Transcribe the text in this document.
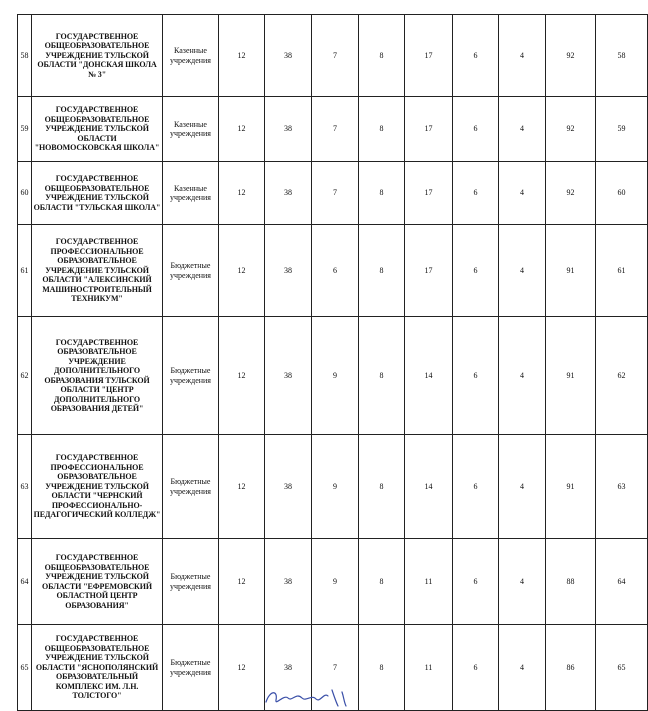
58	ГОСУДАРСТВЕННОЕ ОБЩЕОБРАЗОВАТЕЛЬНОЕ УЧРЕЖДЕНИЕ ТУЛЬСКОЙ ОБЛАСТИ "ДОНСКАЯ ШКОЛА № 3"	Казенные учреждения	12	38	7	8	17	6	4	92	58
59	ГОСУДАРСТВЕННОЕ ОБЩЕОБРАЗОВАТЕЛЬНОЕ УЧРЕЖДЕНИЕ ТУЛЬСКОЙ ОБЛАСТИ "НОВОМОСКОВСКАЯ ШКОЛА"	Казенные учреждения	12	38	7	8	17	6	4	92	59
60	ГОСУДАРСТВЕННОЕ ОБЩЕОБРАЗОВАТЕЛЬНОЕ УЧРЕЖДЕНИЕ ТУЛЬСКОЙ ОБЛАСТИ "ТУЛЬСКАЯ ШКОЛА"	Казенные учреждения	12	38	7	8	17	6	4	92	60
61	ГОСУДАРСТВЕННОЕ ПРОФЕССИОНАЛЬНОЕ ОБРАЗОВАТЕЛЬНОЕ УЧРЕЖДЕНИЕ ТУЛЬСКОЙ ОБЛАСТИ "АЛЕКСИНСКИЙ МАШИНОСТРОИТЕЛЬНЫЙ ТЕХНИКУМ"	Бюджетные учреждения	12	38	6	8	17	6	4	91	61
62	ГОСУДАРСТВЕННОЕ ОБРАЗОВАТЕЛЬНОЕ УЧРЕЖДЕНИЕ ДОПОЛНИТЕЛЬНОГО ОБРАЗОВАНИЯ ТУЛЬСКОЙ ОБЛАСТИ "ЦЕНТР ДОПОЛНИТЕЛЬНОГО ОБРАЗОВАНИЯ ДЕТЕЙ"	Бюджетные учреждения	12	38	9	8	14	6	4	91	62
63	ГОСУДАРСТВЕННОЕ ПРОФЕССИОНАЛЬНОЕ ОБРАЗОВАТЕЛЬНОЕ УЧРЕЖДЕНИЕ ТУЛЬСКОЙ ОБЛАСТИ "ЧЕРНСКИЙ ПРОФЕССИОНАЛЬНО-ПЕДАГОГИЧЕСКИЙ КОЛЛЕДЖ"	Бюджетные учреждения	12	38	9	8	14	6	4	91	63
64	ГОСУДАРСТВЕННОЕ ОБЩЕОБРАЗОВАТЕЛЬНОЕ УЧРЕЖДЕНИЕ ТУЛЬСКОЙ ОБЛАСТИ "ЕФРЕМОВСКИЙ ОБЛАСТНОЙ ЦЕНТР ОБРАЗОВАНИЯ"	Бюджетные учреждения	12	38	9	8	11	6	4	88	64
65	ГОСУДАРСТВЕННОЕ ОБЩЕОБРАЗОВАТЕЛЬНОЕ УЧРЕЖДЕНИЕ ТУЛЬСКОЙ ОБЛАСТИ "ЯСНОПОЛЯНСКИЙ ОБРАЗОВАТЕЛЬНЫЙ КОМПЛЕКС ИМ. Л.Н. ТОЛСТОГО"	Бюджетные учреждения	12	38	7	8	11	6	4	86	65
